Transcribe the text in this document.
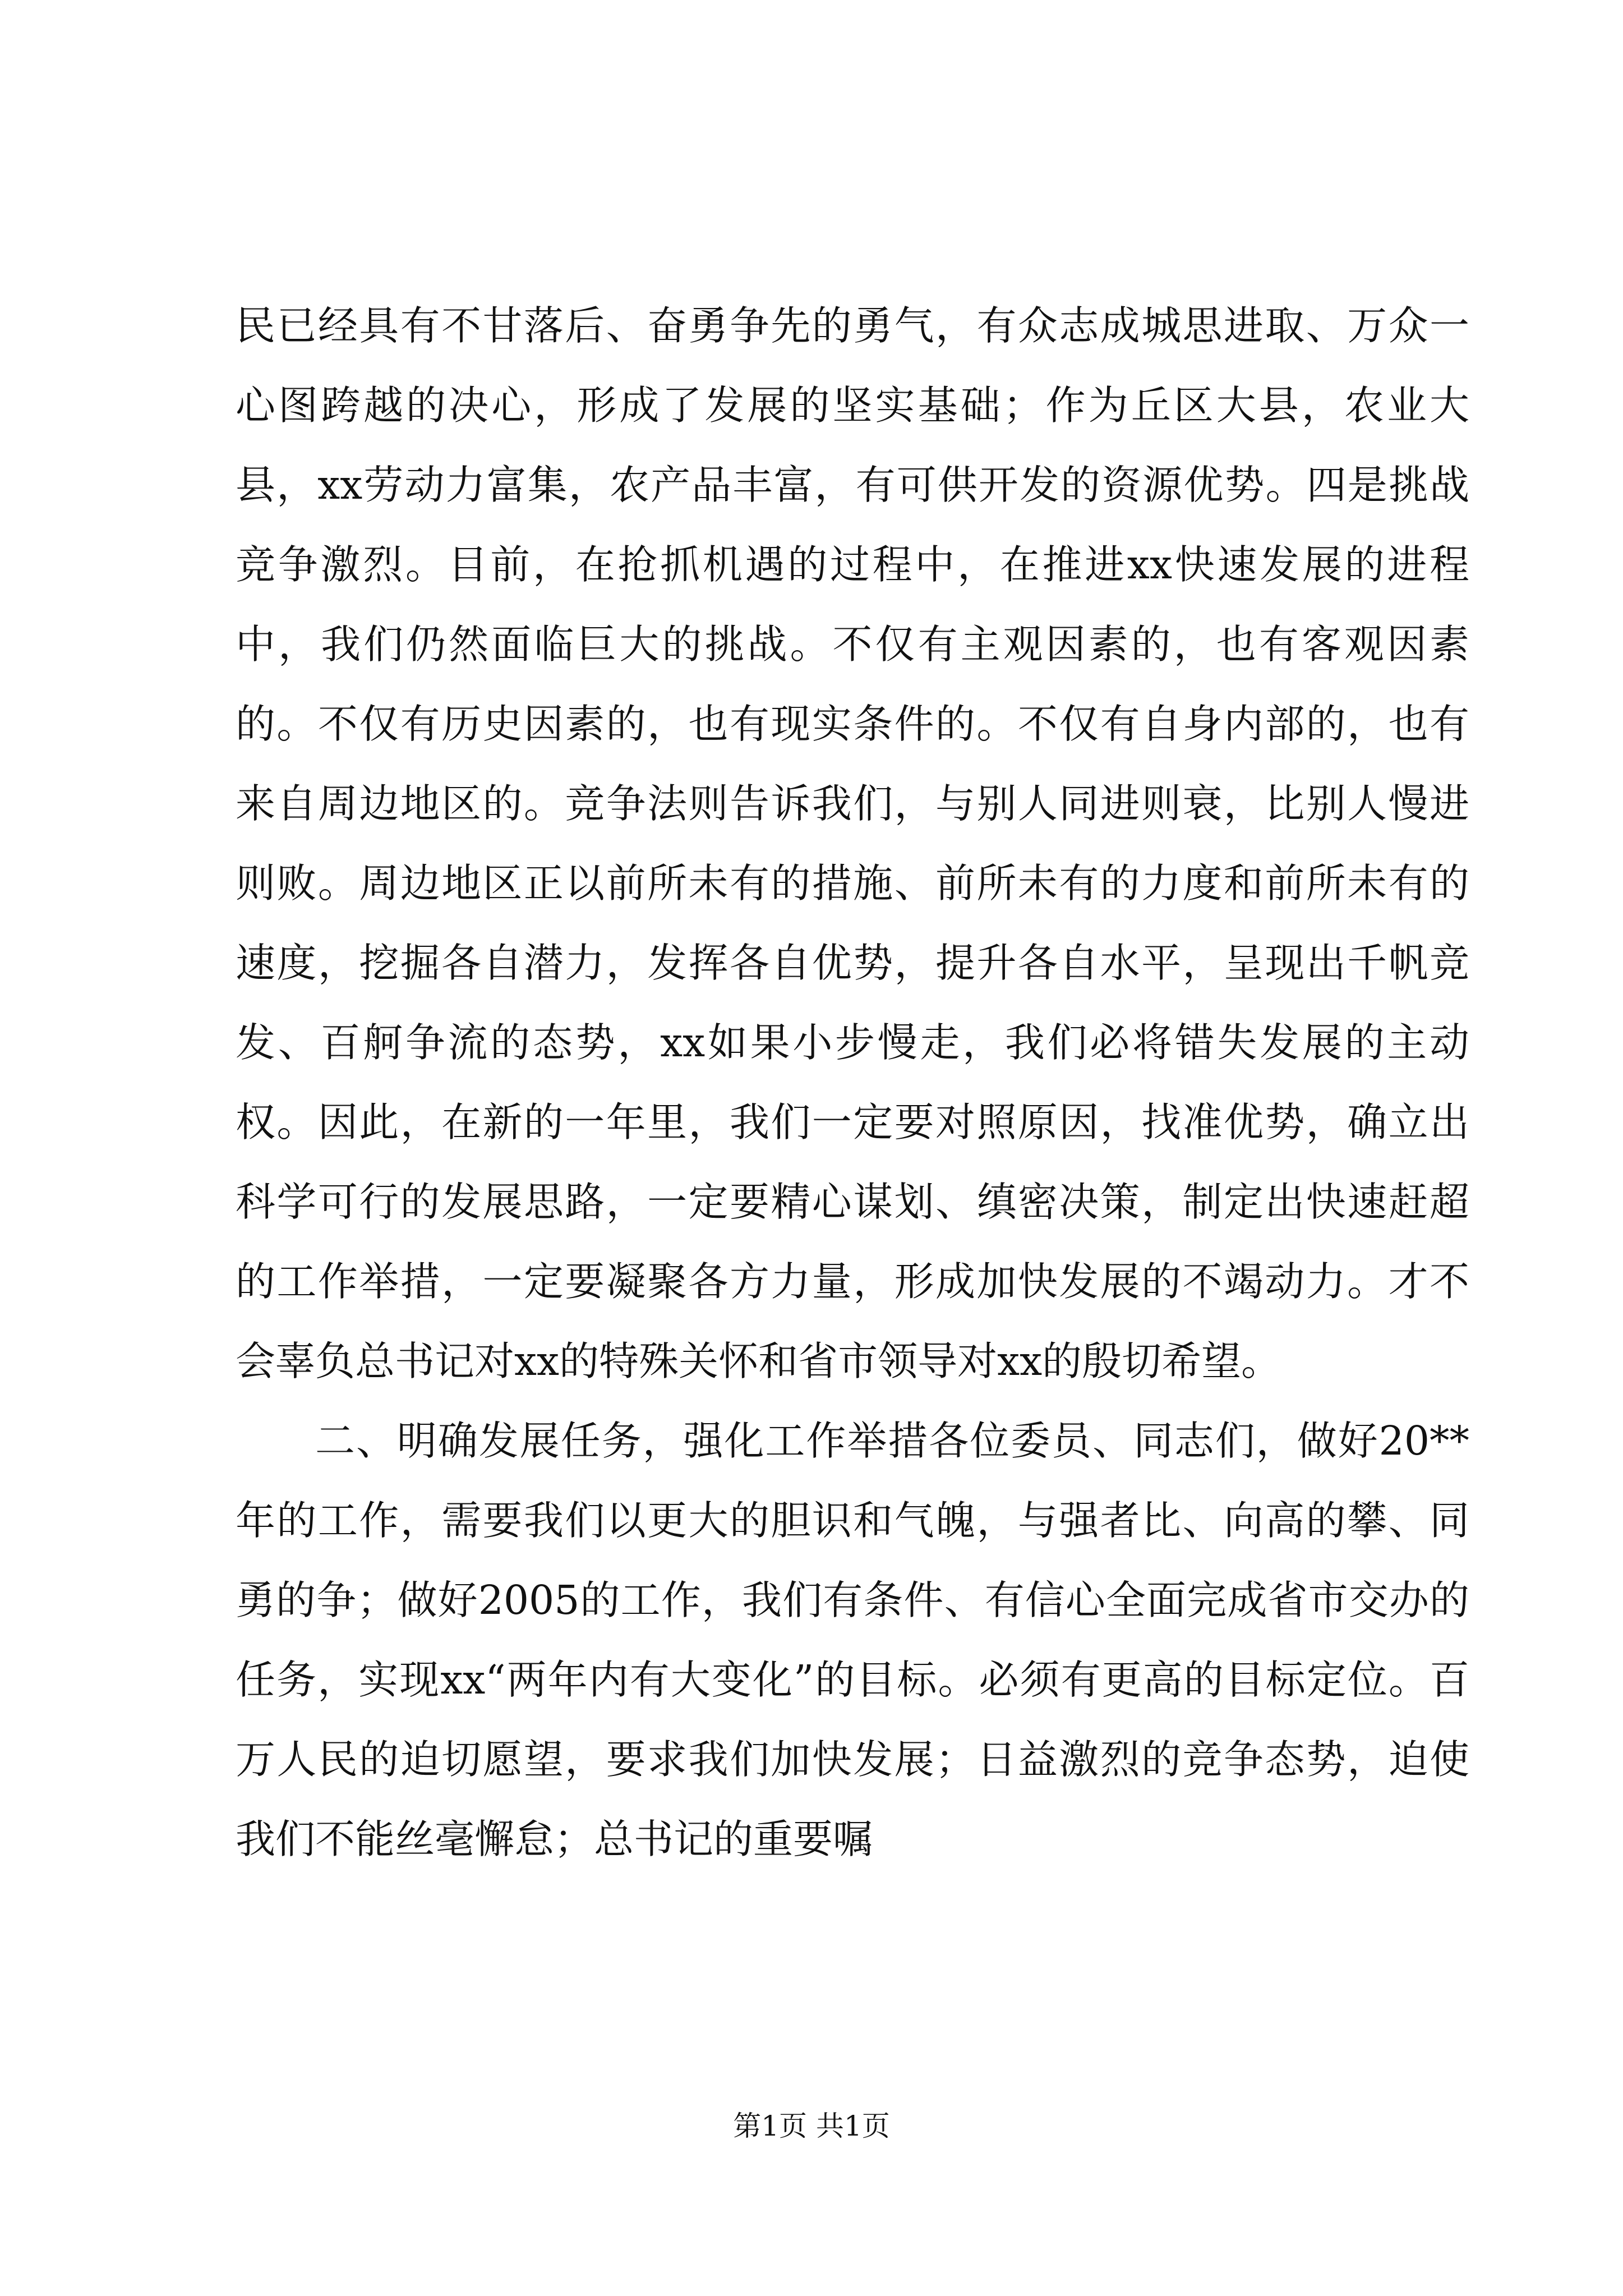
民已经具有不甘落后、奋勇争先的勇气，有众志成城思进取、万众一心图跨越的决心，形成了发展的坚实基础；作为丘区大县，农业大县，xx劳动力富集，农产品丰富，有可供开发的资源优势。四是挑战竞争激烈。目前，在抢抓机遇的过程中，在推进xx快速发展的进程中，我们仍然面临巨大的挑战。不仅有主观因素的，也有客观因素的。不仅有历史因素的，也有现实条件的。不仅有自身内部的，也有来自周边地区的。竞争法则告诉我们，与别人同进则衰，比别人慢进则败。周边地区正以前所未有的措施、前所未有的力度和前所未有的速度，挖掘各自潜力，发挥各自优势，提升各自水平，呈现出千帆竞发、百舸争流的态势，xx如果小步慢走，我们必将错失发展的主动权。因此，在新的一年里，我们一定要对照原因，找准优势，确立出科学可行的发展思路，一定要精心谋划、缜密决策，制定出快速赶超的工作举措，一定要凝聚各方力量，形成加快发展的不竭动力。才不会辜负总书记对xx的特殊关怀和省市领导对xx的殷切希望。

二、明确发展任务，强化工作举措各位委员、同志们，做好20**年的工作，需要我们以更大的胆识和气魄，与强者比、向高的攀、同勇的争；做好2005的工作，我们有条件、有信心全面完成省市交办的任务，实现xx“两年内有大变化”的目标。必须有更高的目标定位。百万人民的迫切愿望，要求我们加快发展；日益激烈的竞争态势，迫使我们不能丝毫懈怠；总书记的重要嘱

第1页 共1页
